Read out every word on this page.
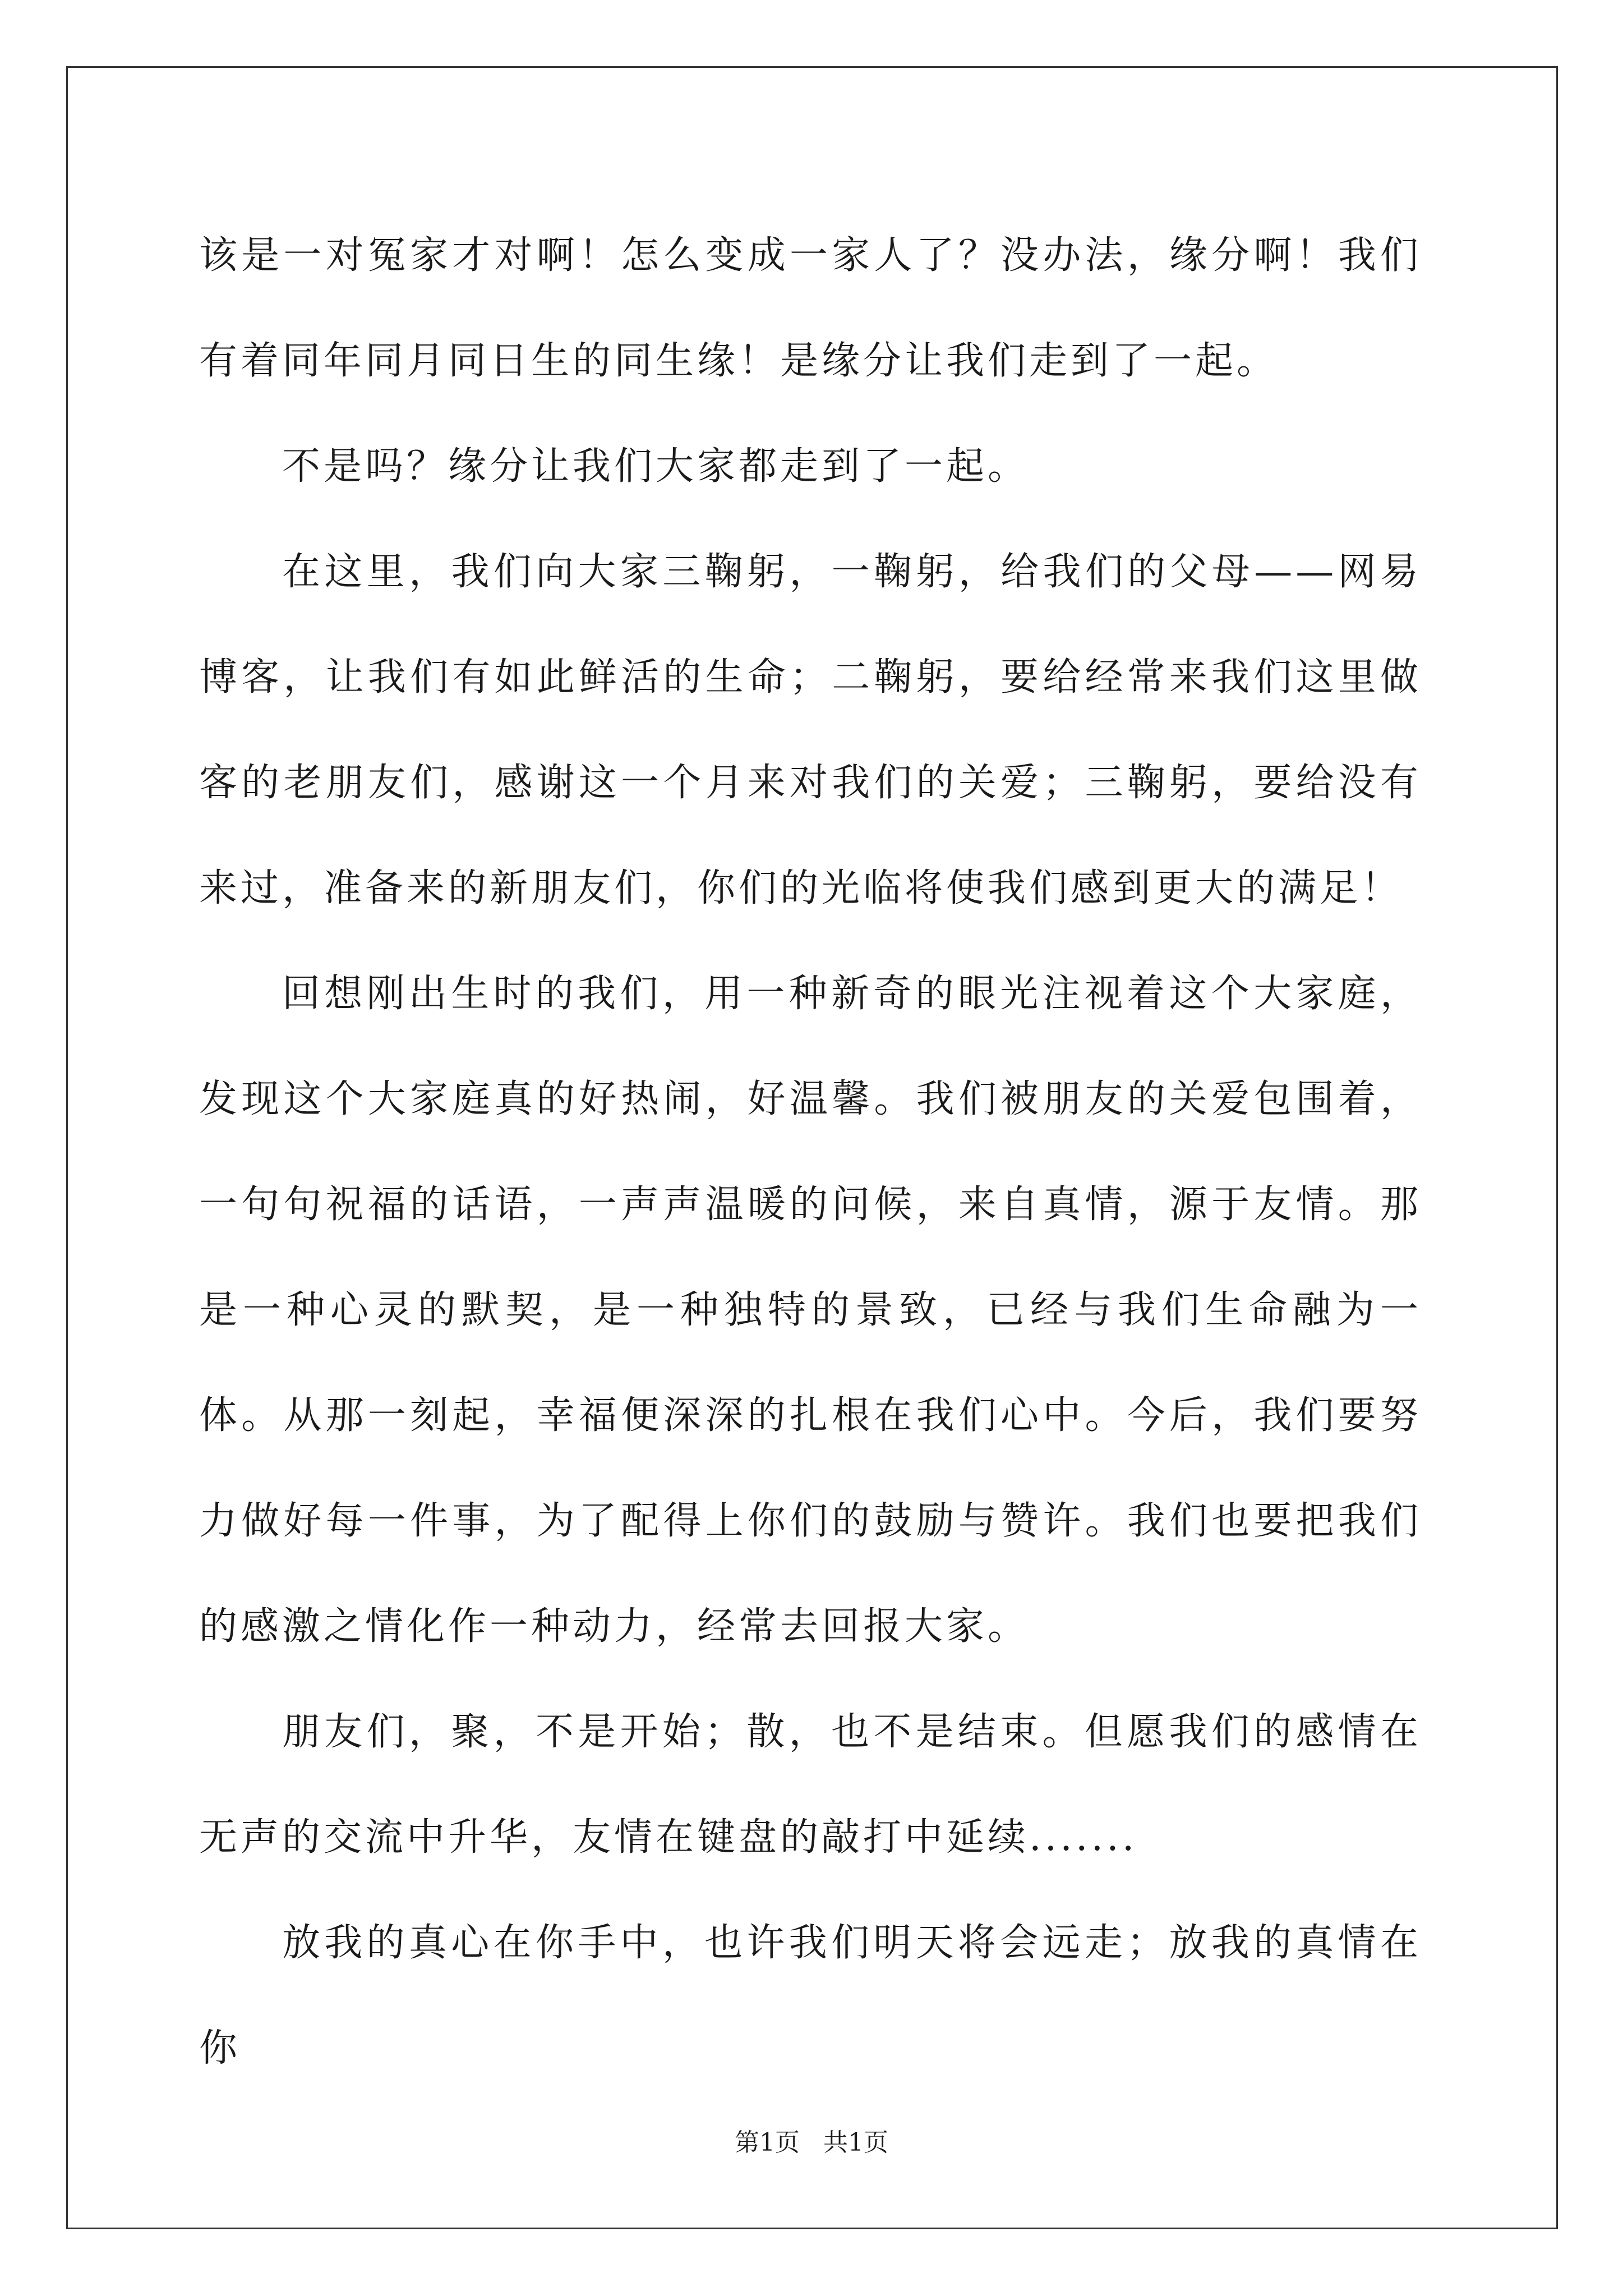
该是一对冤家才对啊！怎么变成一家人了？没办法，缘分啊！我们有着同年同月同日生的同生缘！是缘分让我们走到了一起。

不是吗？缘分让我们大家都走到了一起。

在这里，我们向大家三鞠躬，一鞠躬，给我们的父母——网易博客，让我们有如此鲜活的生命；二鞠躬，要给经常来我们这里做客的老朋友们，感谢这一个月来对我们的关爱；三鞠躬，要给没有来过，准备来的新朋友们，你们的光临将使我们感到更大的满足！

回想刚出生时的我们，用一种新奇的眼光注视着这个大家庭，发现这个大家庭真的好热闹，好温馨。我们被朋友的关爱包围着，一句句祝福的话语，一声声温暖的问候，来自真情，源于友情。那是一种心灵的默契，是一种独特的景致，已经与我们生命融为一体。从那一刻起，幸福便深深的扎根在我们心中。今后，我们要努力做好每一件事，为了配得上你们的鼓励与赞许。我们也要把我们的感激之情化作一种动力，经常去回报大家。

朋友们，聚，不是开始；散，也不是结束。但愿我们的感情在无声的交流中升华，友情在键盘的敲打中延续.......

放我的真心在你手中，也许我们明天将会远走；放我的真情在你

第1页 共1页
